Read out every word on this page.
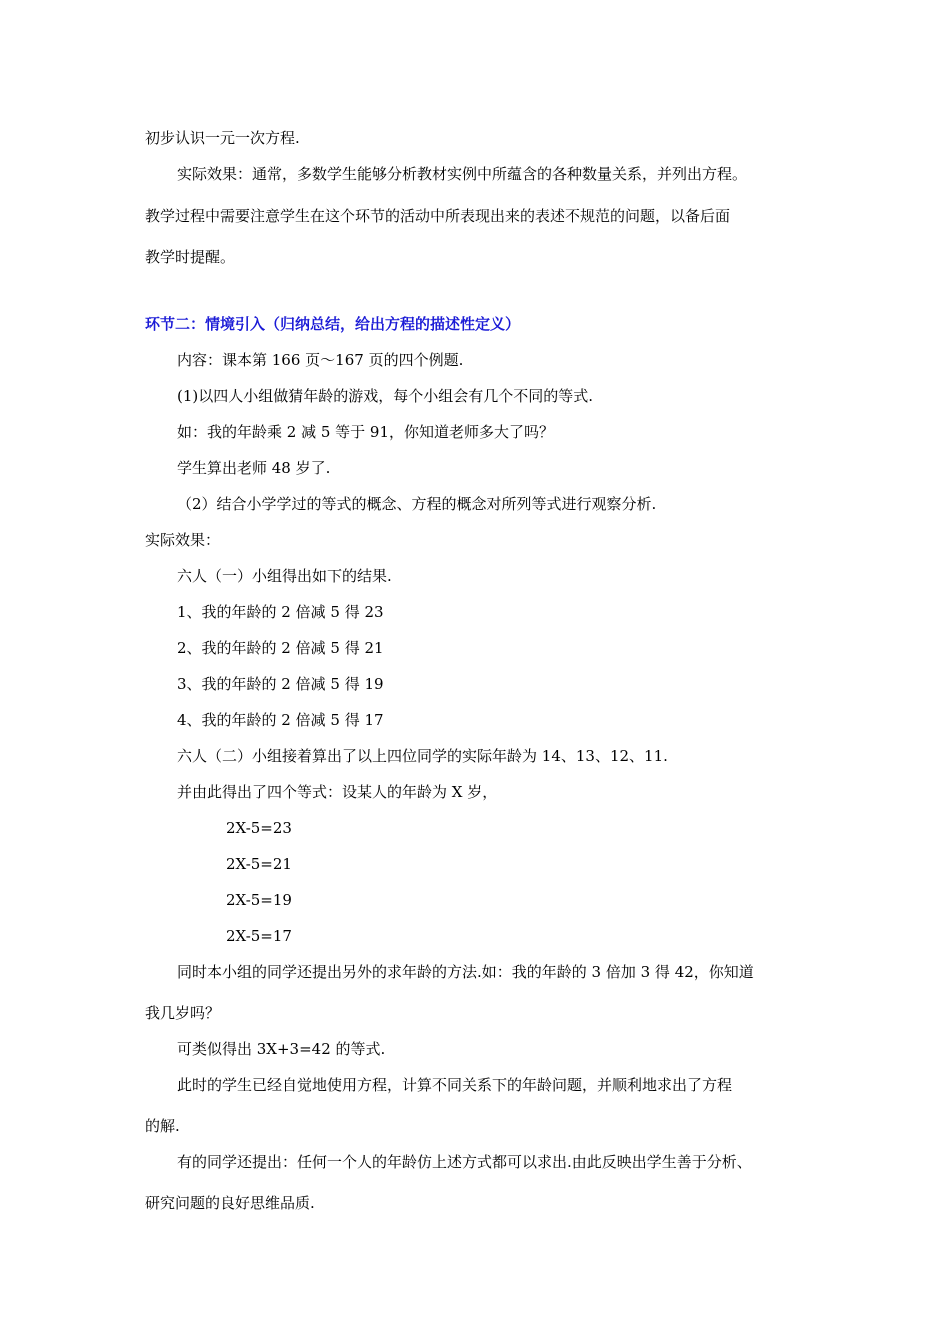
初步认识一元一次方程.
实际效果：通常，多数学生能够分析教材实例中所蕴含的各种数量关系，并列出方程。
教学过程中需要注意学生在这个环节的活动中所表现出来的表述不规范的问题，以备后面
教学时提醒。
环节二：情境引入（归纳总结，给出方程的描述性定义）
内容：课本第 166 页～167 页的四个例题.
(1)以四人小组做猜年龄的游戏，每个小组会有几个不同的等式.
如：我的年龄乘 2 减 5 等于 91，你知道老师多大了吗？
学生算出老师 48 岁了.
（2）结合小学学过的等式的概念、方程的概念对所列等式进行观察分析.
实际效果：
六人（一）小组得出如下的结果.
1、我的年龄的 2 倍减 5 得 23
2、我的年龄的 2 倍减 5 得 21
3、我的年龄的 2 倍减 5 得 19
4、我的年龄的 2 倍减 5 得 17
六人（二）小组接着算出了以上四位同学的实际年龄为 14、13、12、11.
并由此得出了四个等式：设某人的年龄为 X 岁，
2X-5=23
2X-5=21
2X-5=19
2X-5=17
同时本小组的同学还提出另外的求年龄的方法.如：我的年龄的 3 倍加 3 得 42，你知道
我几岁吗？
可类似得出 3X+3=42 的等式.
此时的学生已经自觉地使用方程，计算不同关系下的年龄问题，并顺利地求出了方程
的解.
有的同学还提出：任何一个人的年龄仿上述方式都可以求出.由此反映出学生善于分析、
研究问题的良好思维品质.
